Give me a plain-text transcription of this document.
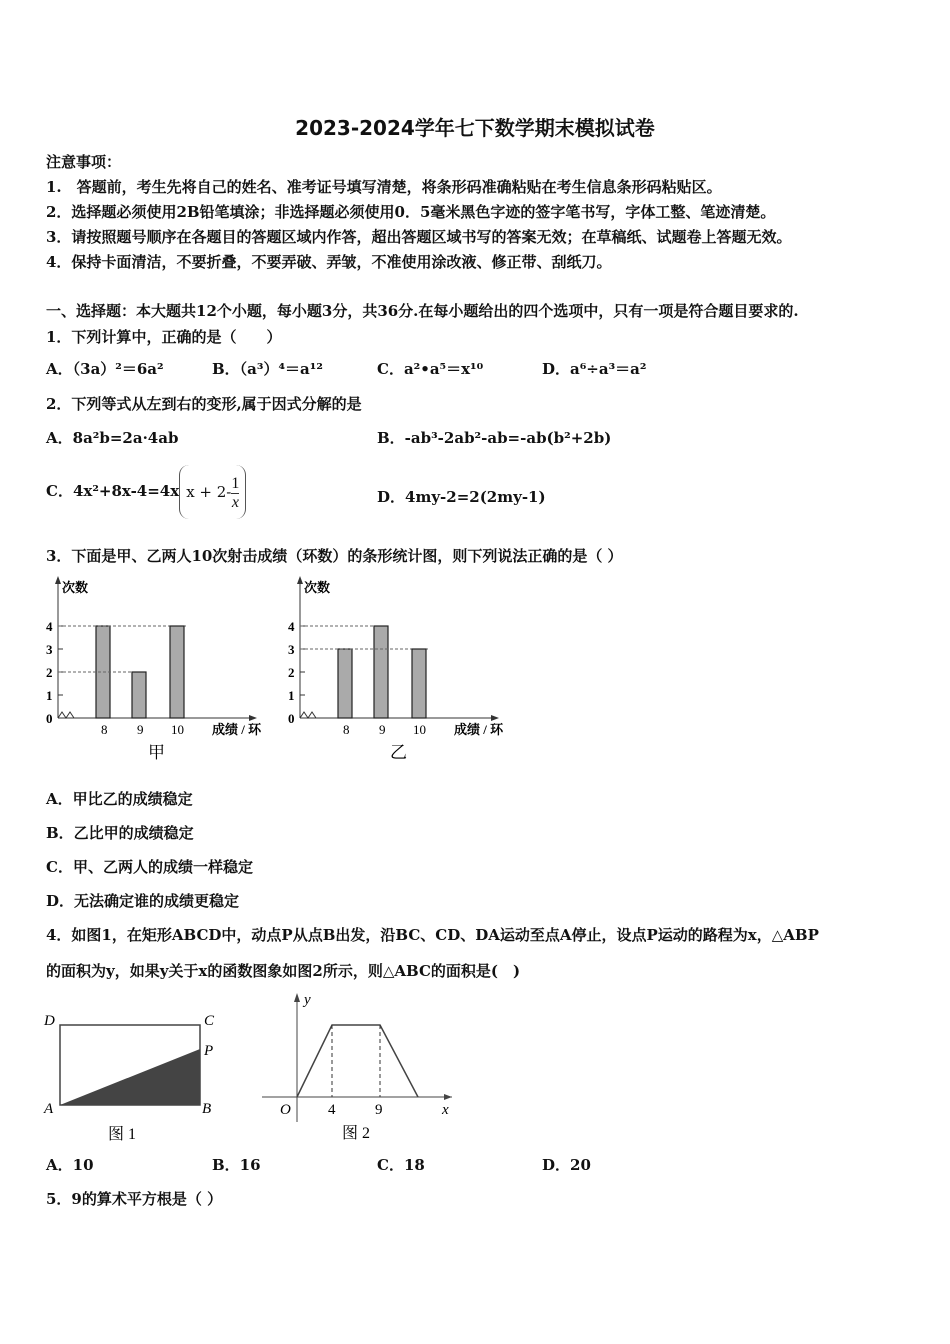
2023-2024学年七下数学期末模拟试卷
注意事项：
1.　答题前，考生先将自己的姓名、准考证号填写清楚，将条形码准确粘贴在考生信息条形码粘贴区。
2．选择题必须使用2B铅笔填涂；非选择题必须使用0．5毫米黑色字迹的签字笔书写，字体工整、笔迹清楚。
3．请按照题号顺序在各题目的答题区域内作答，超出答题区域书写的答案无效；在草稿纸、试题卷上答题无效。
4．保持卡面清洁，不要折叠，不要弄破、弄皱，不准使用涂改液、修正带、刮纸刀。
一、选择题：本大题共12个小题，每小题3分，共36分.在每小题给出的四个选项中，只有一项是符合题目要求的.
1．下列计算中，正确的是（　　）
A．（3a）²＝6a²	B．（a³）⁴＝a¹²	C．a²•a⁵＝x¹⁰	D．a⁶÷a³＝a²
2．下列等式从左到右的变形,属于因式分解的是
A．8a²b=2a·4ab	B．-ab³-2ab²-ab=-ab(b²+2b)
C．4x²+8x-4=4x $x + 2- \frac{1}{x}$	D．4my-2=2(2my-1)
3．下面是甲、乙两人10次射击成绩（环数）的条形统计图，则下列说法正确的是（ ）
次数
0
1
2
3
4
8 9 10 成绩 / 环
甲
次数
0
1
2
3
4
8 9 10 成绩 / 环
乙
A．甲比乙的成绩稳定
B．乙比甲的成绩稳定
C．甲、乙两人的成绩一样稳定
D．无法确定谁的成绩更稳定
4．如图1，在矩形ABCD中，动点P从点B出发，沿BC、CD、DA运动至点A停止，设点P运动的路程为x，△ABP
的面积为y，如果y关于x的函数图象如图2所示，则△ABC的面积是(　)
D	C
P
A	B
图 1
y
O 4	9	x
图 2
A．10	B．16	C．18	D．20
5．9的算术平方根是（ ）
